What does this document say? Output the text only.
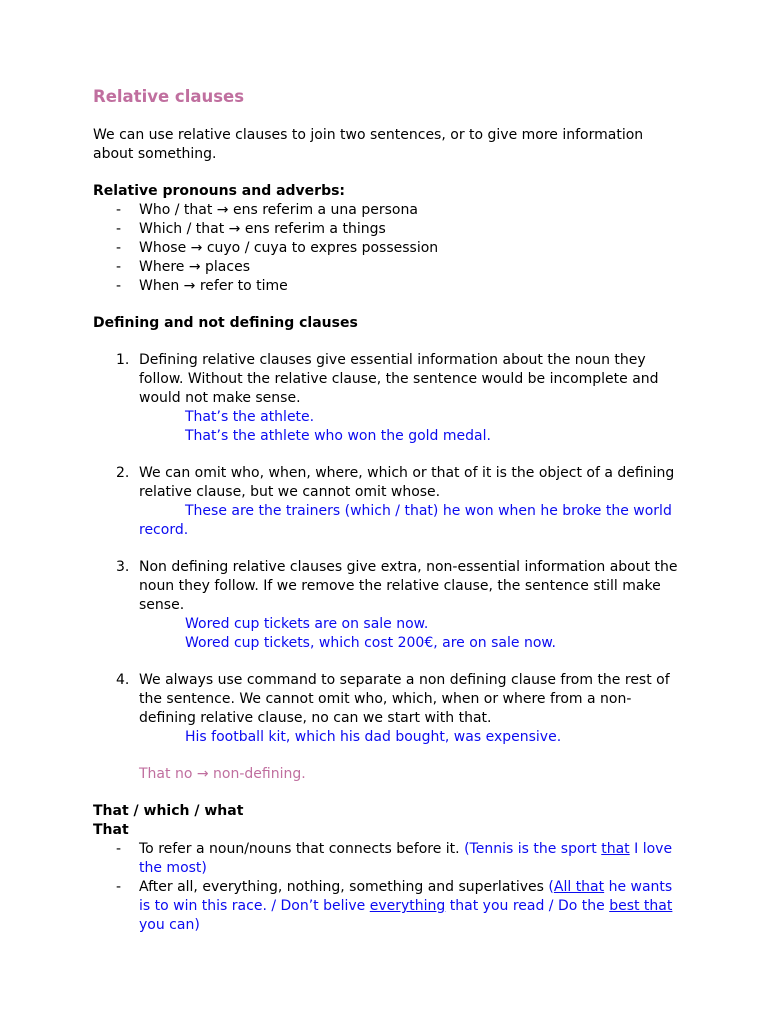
Relative clauses

We can use relative clauses to join two sentences, or to give more information about something.

Relative pronouns and adverbs:

- Who / that → ens referim a una persona
- Which / that → ens referim a things
- Whose → cuyo / cuya to expres possession
- Where → places
- When → refer to time

Defining and not defining clauses

1. Defining relative clauses give essential information about the noun they follow. Without the relative clause, the sentence would be incomplete and would not make sense.
That’s the athlete.
That’s the athlete who won the gold medal.
2. We can omit who, when, where, which or that of it is the object of a defining relative clause, but we cannot omit whose.
These are the trainers (which / that) he won when he broke the world record.
3. Non defining relative clauses give extra, non-essential information about the noun they follow. If we remove the relative clause, the sentence still make sense.
Wored cup tickets are on sale now.
Wored cup tickets, which cost 200€, are on sale now.
4. We always use command to separate a non defining clause from the rest of the sentence. We cannot omit who, which, when or where from a non-defining relative clause, no can we start with that.
His football kit, which his dad bought, was expensive.
That no → non-defining.

That / which / what

That

- To refer a noun/nouns that connects before it. (Tennis is the sport that I love the most)
- After all, everything, nothing, something and superlatives (All that he wants is to win this race. / Don’t belive everything that you read / Do the best that you can)
